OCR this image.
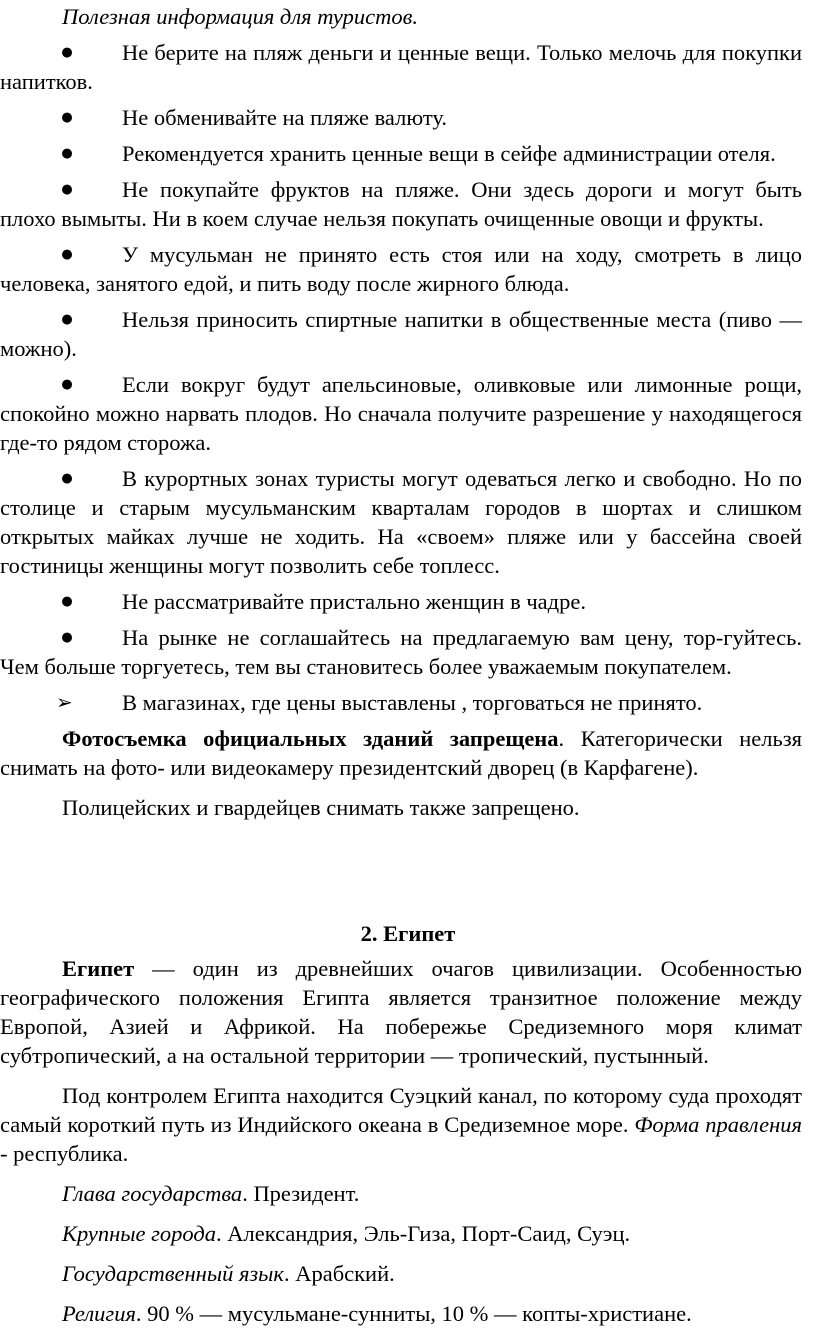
Полезная информация для туристов.

● Не берите на пляж деньги и ценные вещи. Только мелочь для покупки напитков.
● Не обменивайте на пляже валюту.
● Рекомендуется хранить ценные вещи в сейфе администрации отеля.
● Не покупайте фруктов на пляже. Они здесь дороги и могут быть плохо вымыты. Ни в коем случае нельзя покупать очищенные овощи и фрукты.
● У мусульман не принято есть стоя или на ходу, смотреть в лицо человека, занятого едой, и пить воду после жирного блюда.
● Нельзя приносить спиртные напитки в общественные места (пиво — можно).
● Если вокруг будут апельсиновые, оливковые или лимонные рощи, спокойно можно нарвать плодов. Но сначала получите разрешение у находящегося где-то рядом сторожа.
● В курортных зонах туристы могут одеваться легко и свободно. Но по столице и старым мусульманским кварталам городов в шортах и слишком открытых майках лучше не ходить. На «своем» пляже или у бассейна своей гостиницы женщины могут позволить себе топлесс.
● Не рассматривайте пристально женщин в чадре.
● На рынке не соглашайтесь на предлагаемую вам цену, тор-гуйтесь. Чем больше торгуетесь, тем вы становитесь более уважаемым покупателем.
➢ В магазинах, где цены выставлены , торговаться не принято.

Фотосъемка официальных зданий запрещена. Категорически нельзя снимать на фото- или видеокамеру президентский дворец (в Карфагене).

Полицейских и гвардейцев снимать также запрещено.

2. Египет

Египет — один из древнейших очагов цивилизации. Особенностью географического положения Египта является транзитное положение между Европой, Азией и Африкой. На побережье Средиземного моря климат субтропический, а на остальной территории — тропический, пустынный.

Под контролем Египта находится Суэцкий канал, по которому суда проходят самый короткий путь из Индийского океана в Средиземное море. Форма правления - республика.

Глава государства. Президент.

Крупные города. Александрия, Эль-Гиза, Порт-Саид, Суэц.

Государственный язык. Арабский.

Религия. 90 % — мусульмане-сунниты, 10 % — копты-христиане.
